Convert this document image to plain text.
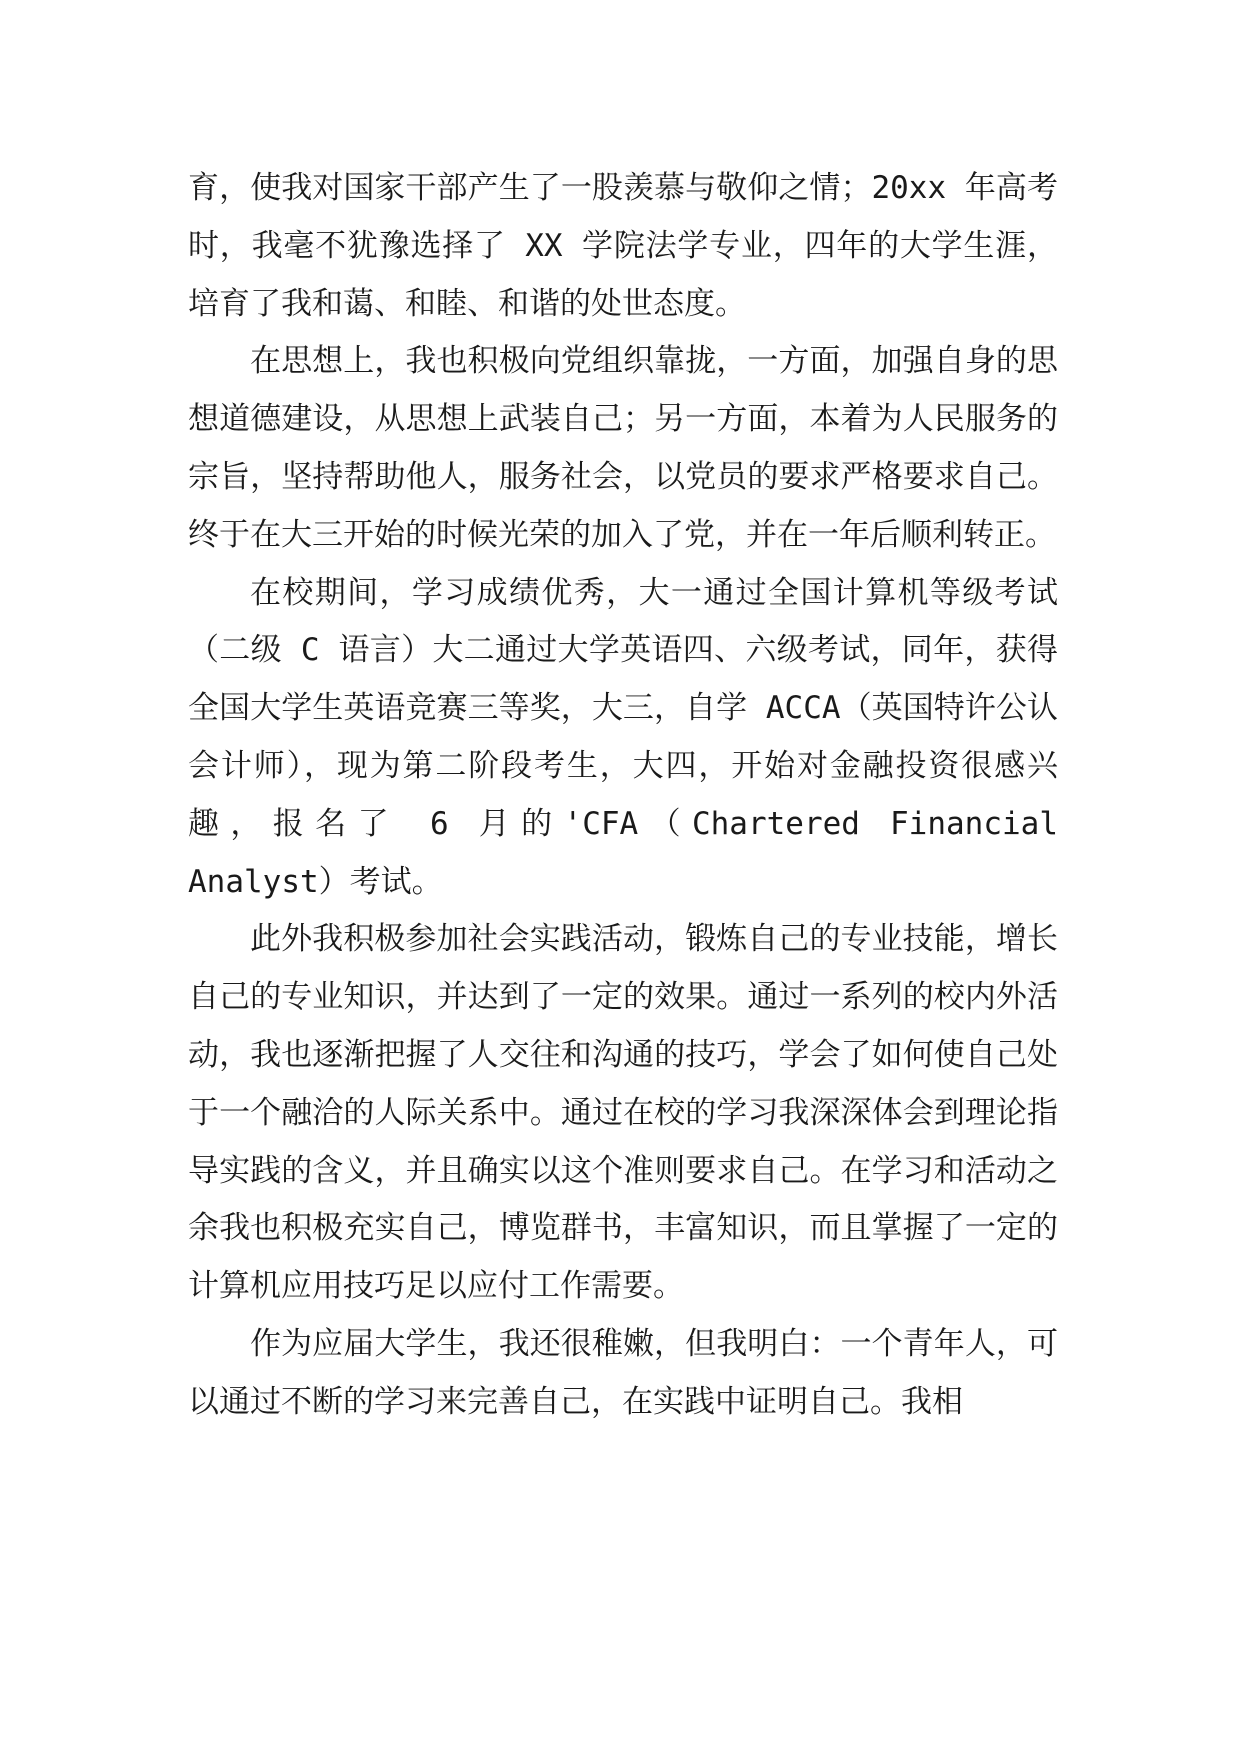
育，使我对国家干部产生了一股羡慕与敬仰之情；20xx 年高考时，我毫不犹豫选择了 XX 学院法学专业，四年的大学生涯，培育了我和蔼、和睦、和谐的处世态度。

在思想上，我也积极向党组织靠拢，一方面，加强自身的思想道德建设，从思想上武装自己；另一方面，本着为人民服务的宗旨，坚持帮助他人，服务社会，以党员的要求严格要求自己。终于在大三开始的时候光荣的加入了党，并在一年后顺利转正。

在校期间，学习成绩优秀，大一通过全国计算机等级考试（二级 C 语言）大二通过大学英语四、六级考试，同年，获得全国大学生英语竞赛三等奖，大三，自学 ACCA（英国特许公认会计师），现为第二阶段考生，大四，开始对金融投资很感兴趣，报名了 6 月的'CFA（Chartered Financial Analyst）考试。

此外我积极参加社会实践活动，锻炼自己的专业技能，增长自己的专业知识，并达到了一定的效果。通过一系列的校内外活动，我也逐渐把握了人交往和沟通的技巧，学会了如何使自己处于一个融洽的人际关系中。通过在校的学习我深深体会到理论指导实践的含义，并且确实以这个准则要求自己。在学习和活动之余我也积极充实自己，博览群书，丰富知识，而且掌握了一定的计算机应用技巧足以应付工作需要。

作为应届大学生，我还很稚嫩，但我明白：一个青年人，可以通过不断的学习来完善自己，在实践中证明自己。我相
